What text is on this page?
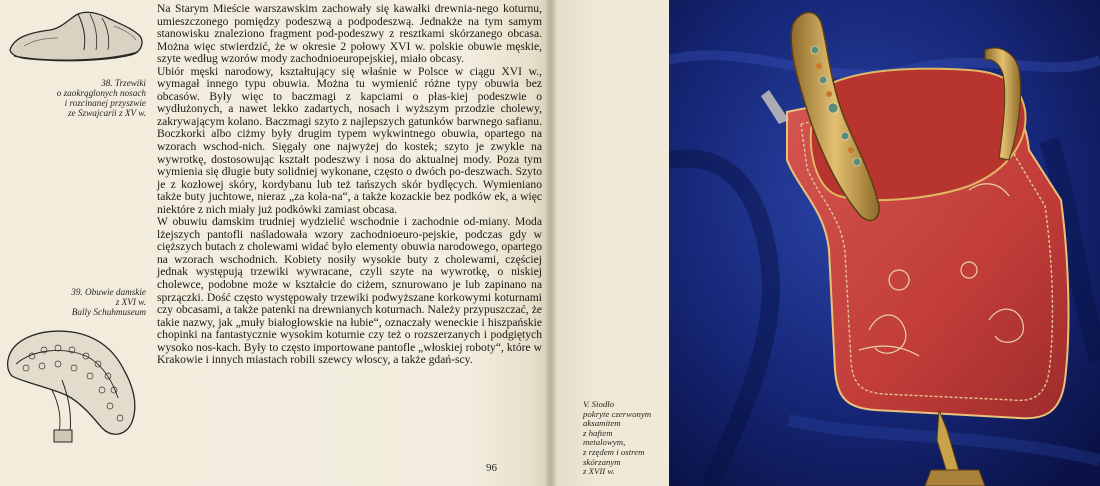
38. Trzewiki
o zaokrąglonych nosach
i rozcinanej przyszwie
ze Szwajcarii z XV w.
39. Obuwie damskie
z XVI w.
Bally Schuhmuseum

Na Starym Mieście warszawskim zachowały się kawałki drewnia-nego koturnu, umieszczonego pomiędzy podeszwą a podpodeszwą. Jednakże na tym samym stanowisku znaleziono fragment pod-podeszwy z resztkami skórzanego obcasa. Można więc stwierdzić, że w okresie 2 połowy XVI w. polskie obuwie męskie, szyte według wzorów mody zachodnioeuropejskiej, miało obcasy.

Ubiór męski narodowy, kształtujący się właśnie w Polsce w ciągu XVI w., wymagał innego typu obuwia. Można tu wymienić różne typy obuwia bez obcasów. Były więc to baczmagi z kapciami o płas-kiej podeszwie o wydłużonych, a nawet lekko zadartych, nosach i wyższym przodzie cholewy, zakrywającym kolano. Baczmagi szyto z najlepszych gatunków barwnego safianu. Boczkorki albo ciżmy były drugim typem wykwintnego obuwia, opartego na wzorach wschod-nich. Sięgały one najwyżej do kostek; szyto je zwykle na wywrotkę, dostosowując kształt podeszwy i nosa do aktualnej mody. Poza tym wymienia się długie buty solidniej wykonane, często o dwóch po-deszwach. Szyto je z kozłowej skóry, kordybanu lub też tańszych skór bydlęcych. Wymieniano także buty juchtowe, nieraz „za kola-na“, a także kozackie bez podków ek, a więc niektóre z nich miały już podkówki zamiast obcasa.

W obuwiu damskim trudniej wydzielić wschodnie i zachodnie od-miany. Moda lżejszych pantofli naśladowała wzory zachodnioeuro-pejskie, podczas gdy w cięższych butach z cholewami widać było elementy obuwia narodowego, opartego na wzorach wschodnich. Kobiety nosiły wysokie buty z cholewami, częściej jednak występują trzewiki wywracane, czyli szyte na wywrotkę, o niskiej cholewce, podobne może w kształcie do ciżem, sznurowano je lub zapinano na sprzączki. Dość często występowały trzewiki podwyższane korkowymi koturnami czy obcasami, a także patenki na drewnianych koturnach. Należy przypuszczać, że takie nazwy, jak „muły białogłowskie na łubie“, oznaczały weneckie i hiszpańskie chopinki na fantastycznie wysokim koturnie czy też o rozszerzanych i podgiętych wysoko nos-kach. Były to często importowane pantofle „włoskiej roboty“, które w Krakowie i innych miastach robili szewcy włoscy, a także gdań-scy.

96
V. Siodło
pokryte czerwonym
aksamitem
z haftem
metalowym,
z rzędem i ostrem
skórzanym
z XVII w.
